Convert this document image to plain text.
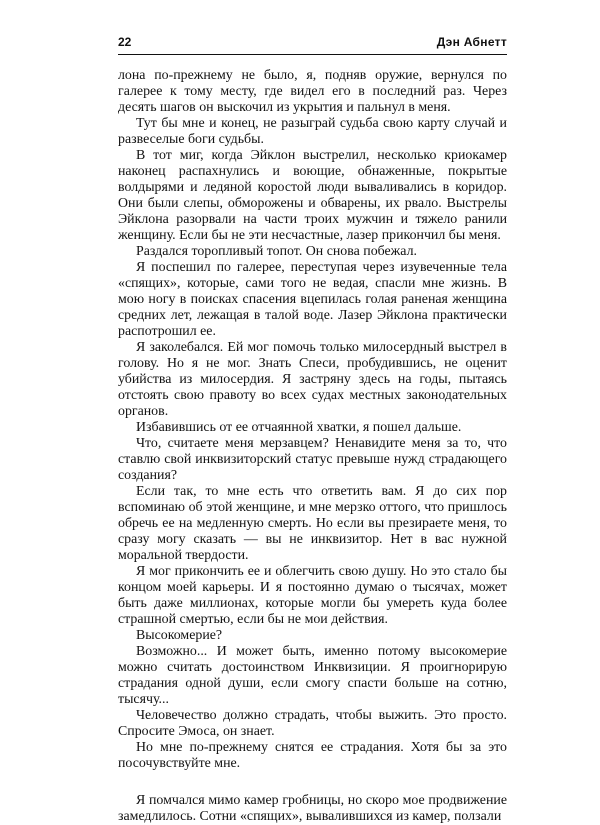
22	Дэн Абнетт

лона по-прежнему не было, я, подняв оружие, вернулся по галерее к тому месту, где видел его в последний раз. Через десять шагов он выскочил из укрытия и пальнул в меня.

Тут бы мне и конец, не разыграй судьба свою карту случай и развеселые боги судьбы.

В тот миг, когда Эйклон выстрелил, несколько криокамер наконец распахнулись и воющие, обнаженные, покрытые волдырями и ледяной коростой люди вываливались в коридор. Они были слепы, обморожены и обварены, их рвало. Выстрелы Эйклона разорвали на части троих мужчин и тяжело ранили женщину. Если бы не эти несчастные, лазер прикончил бы меня.

Раздался торопливый топот. Он снова побежал.

Я поспешил по галерее, переступая через изувеченные тела «спящих», которые, сами того не ведая, спасли мне жизнь. В мою ногу в поисках спасения вцепилась голая раненая женщина средних лет, лежащая в талой воде. Лазер Эйклона практически распотрошил ее.

Я заколебался. Ей мог помочь только милосердный выстрел в голову. Но я не мог. Знать Спеси, пробудившись, не оценит убийства из милосердия. Я застряну здесь на годы, пытаясь отстоять свою правоту во всех судах местных законодательных органов.

Избавившись от ее отчаянной хватки, я пошел дальше.

Что, считаете меня мерзавцем? Ненавидите меня за то, что ставлю свой инквизиторский статус превыше нужд страдающего создания?

Если так, то мне есть что ответить вам. Я до сих пор вспоминаю об этой женщине, и мне мерзко оттого, что пришлось обречь ее на медленную смерть. Но если вы презираете меня, то сразу могу сказать — вы не инквизитор. Нет в вас нужной моральной твердости.

Я мог прикончить ее и облегчить свою душу. Но это стало бы концом моей карьеры. И я постоянно думаю о тысячах, может быть даже миллионах, которые могли бы умереть куда более страшной смертью, если бы не мои действия.

Высокомерие?

Возможно... И может быть, именно потому высокомерие можно считать достоинством Инквизиции. Я проигнорирую страдания одной души, если смогу спасти больше на сотню, тысячу...

Человечество должно страдать, чтобы выжить. Это просто. Спросите Эмоса, он знает.

Но мне по-прежнему снятся ее страдания. Хотя бы за это посочувствуйте мне.

Я помчался мимо камер гробницы, но скоро мое продвижение замедлилось. Сотни «спящих», вывалившихся из камер, ползали
